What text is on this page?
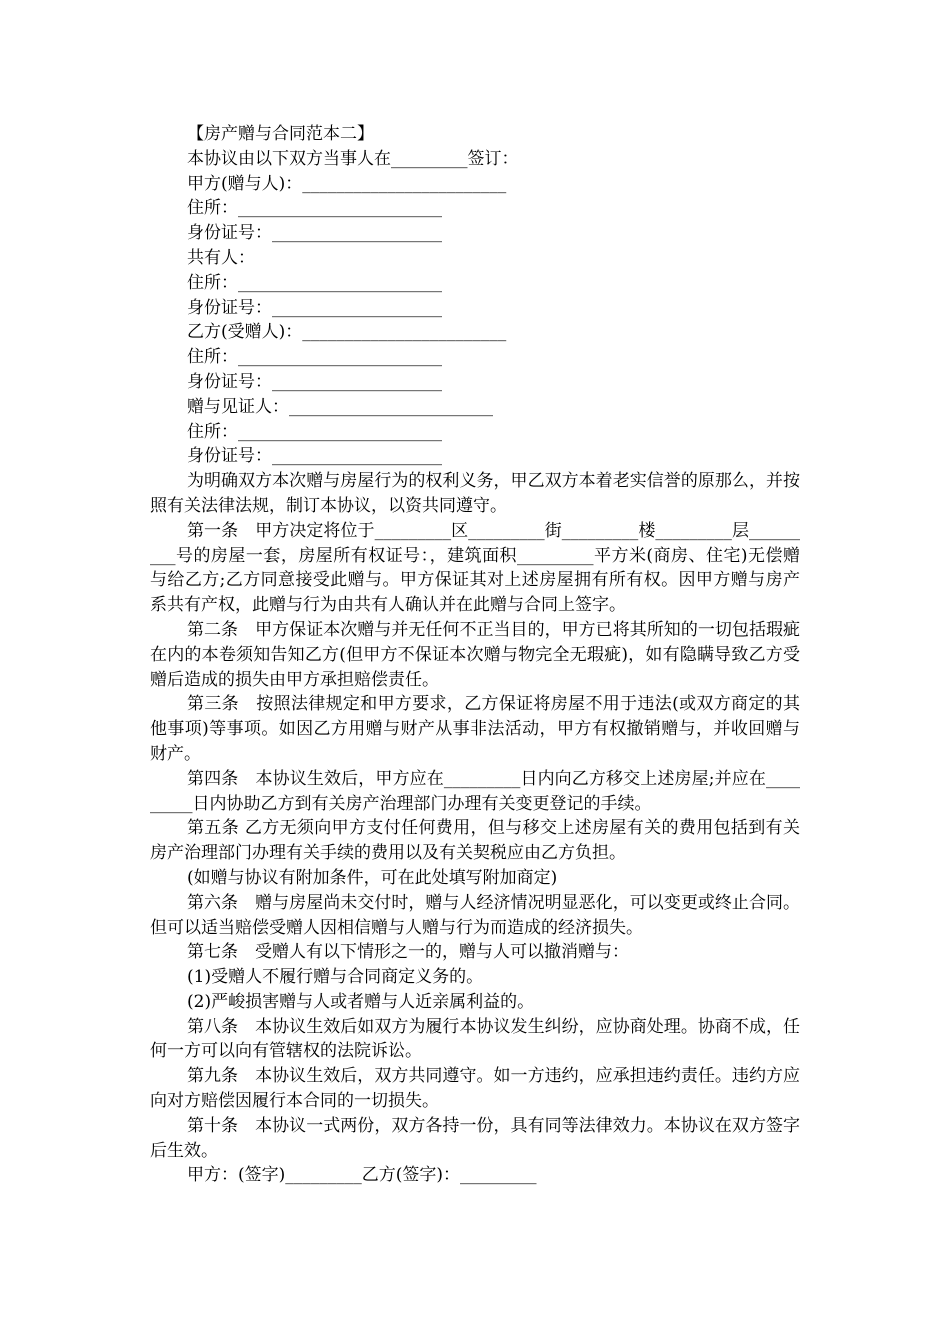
【房产赠与合同范本二】

本协议由以下双方当事人在_________签订：

甲方(赠与人)：________________________

住所：________________________

身份证号：____________________

共有人：

住所：________________________

身份证号：____________________

乙方(受赠人)：________________________

住所：________________________

身份证号：____________________

赠与见证人：________________________

住所：________________________

身份证号：____________________

为明确双方本次赠与房屋行为的权利义务，甲乙双方本着老实信誉的原那么，并按照有关法律法规，制订本协议，以资共同遵守。

第一条　甲方决定将位于_________区_________街_________楼_________层_________号的房屋一套，房屋所有权证号：，建筑面积_________平方米(商房、住宅)无偿赠与给乙方;乙方同意接受此赠与。甲方保证其对上述房屋拥有所有权。因甲方赠与房产系共有产权，此赠与行为由共有人确认并在此赠与合同上签字。

第二条　甲方保证本次赠与并无任何不正当目的，甲方已将其所知的一切包括瑕疵在内的本卷须知告知乙方(但甲方不保证本次赠与物完全无瑕疵)，如有隐瞒导致乙方受赠后造成的损失由甲方承担赔偿责任。

第三条　按照法律规定和甲方要求，乙方保证将房屋不用于违法(或双方商定的其他事项)等事项。如因乙方用赠与财产从事非法活动，甲方有权撤销赠与，并收回赠与财产。

第四条　本协议生效后，甲方应在_________日内向乙方移交上述房屋;并应在_________日内协助乙方到有关房产治理部门办理有关变更登记的手续。

第五条 乙方无须向甲方支付任何费用，但与移交上述房屋有关的费用包括到有关房产治理部门办理有关手续的费用以及有关契税应由乙方负担。

(如赠与协议有附加条件，可在此处填写附加商定)

第六条　赠与房屋尚未交付时，赠与人经济情况明显恶化，可以变更或终止合同。但可以适当赔偿受赠人因相信赠与人赠与行为而造成的经济损失。

第七条　受赠人有以下情形之一的，赠与人可以撤消赠与：

(1)受赠人不履行赠与合同商定义务的。

(2)严峻损害赠与人或者赠与人近亲属利益的。

第八条　本协议生效后如双方为履行本协议发生纠纷，应协商处理。协商不成，任何一方可以向有管辖权的法院诉讼。

第九条　本协议生效后，双方共同遵守。如一方违约，应承担违约责任。违约方应向对方赔偿因履行本合同的一切损失。

第十条　本协议一式两份，双方各持一份，具有同等法律效力。本协议在双方签字后生效。

甲方：(签字)_________乙方(签字)：_________
